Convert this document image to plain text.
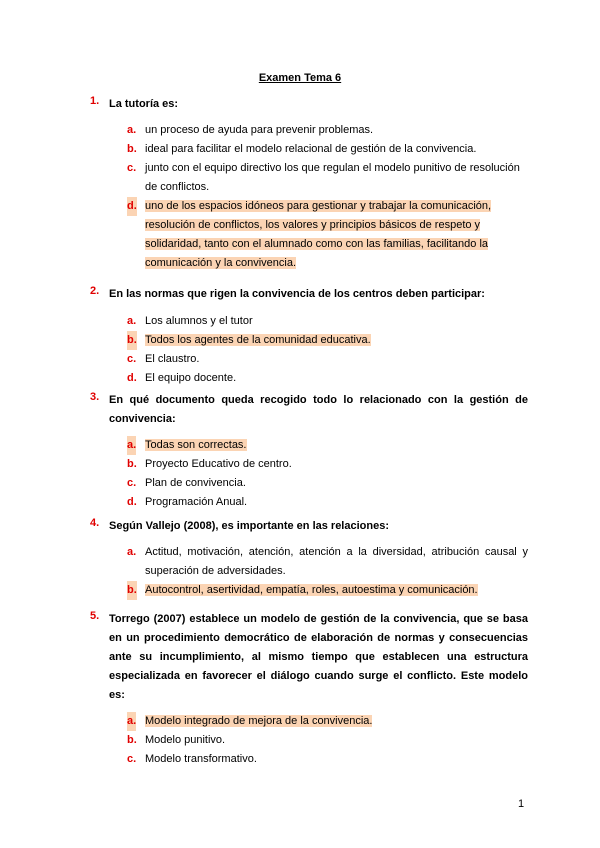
Examen Tema 6
1. La tutoría es:
a. un proceso de ayuda para prevenir problemas.
b. ideal para facilitar el modelo relacional de gestión de la convivencia.
c. junto con el equipo directivo los que regulan el modelo punitivo de resolución de conflictos.
d. uno de los espacios idóneos para gestionar y trabajar la comunicación, resolución de conflictos, los valores y principios básicos de respeto y solidaridad, tanto con el alumnado como con las familias, facilitando la comunicación y la convivencia.
2. En las normas que rigen la convivencia de los centros deben participar:
a. Los alumnos y el tutor
b. Todos los agentes de la comunidad educativa.
c. El claustro.
d. El equipo docente.
3. En qué documento queda recogido todo lo relacionado con la gestión de convivencia:
a. Todas son correctas.
b. Proyecto Educativo de centro.
c. Plan de convivencia.
d. Programación Anual.
4. Según Vallejo (2008), es importante en las relaciones:
a. Actitud, motivación, atención, atención a la diversidad, atribución causal y superación de adversidades.
b. Autocontrol, asertividad, empatía, roles, autoestima y comunicación.
5. Torrego (2007) establece un modelo de gestión de la convivencia, que se basa en un procedimiento democrático de elaboración de normas y consecuencias ante su incumplimiento, al mismo tiempo que establecen una estructura especializada en favorecer el diálogo cuando surge el conflicto. Este modelo es:
a. Modelo integrado de mejora de la convivencia.
b. Modelo punitivo.
c. Modelo transformativo.
1
